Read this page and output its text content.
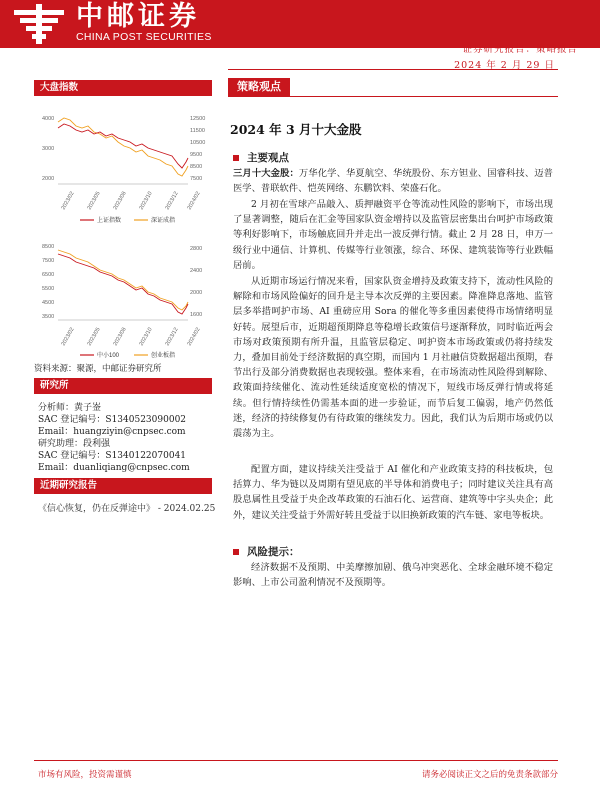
中邮证券
CHINA POST SECURITIES
证券研究报告：策略报告
2024 年 2 月 29 日
大盘指数
4000
3000
2000
12500
11500
10500
9500
8500
7500
2023/02 2023/05 2023/08 2023/10 2023/12 2024/02
上证指数	深证成指
8500
7500
6500
5500
4500
3500
2800
2400
2000
1600
2023/02 2023/05 2023/08 2023/10 2023/12 2024/02
中小100	创业板指
资料来源：聚源，中邮证券研究所
研究所
分析师：黄子崟
SAC 登记编号：S1340523090002
Email：huangziyin@cnpsec.com
研究助理：段利强
SAC 登记编号：S1340122070041
Email：duanliqiang@cnpsec.com
近期研究报告
《信心恢复，仍在反弹途中》 - 2024.02.25
策略观点
2024 年 3 月十大金股
主要观点
三月十大金股：万华化学、华夏航空、华统股份、东方钽业、国睿科技、迈普医学、普联软件、恺英网络、东鹏饮料、荣盛石化。
2 月初在雪球产品敲入、质押融资平仓等流动性风险的影响下，市场出现了显著调整，随后在汇金等国家队资金增持以及监管层密集出台呵护市场政策等利好影响下，市场触底回升并走出一波反弹行情。截止 2 月 28 日，申万一级行业中通信、计算机、传媒等行业领涨，综合、环保、建筑装饰等行业跌幅居前。
从近期市场运行情况来看，国家队资金增持及政策支持下，流动性风险的解除和市场风险偏好的回升是主导本次反弹的主要因素。降准降息落地、监管层多举措呵护市场、AI 重磅应用 Sora 的催化等多重因素使得市场情绪明显好转。展望后市，近期超预期降息等稳增长政策信号逐渐释放，同时临近两会市场对政策预期有所升温，且监管层稳定、呵护资本市场政策或仍将持续发力，叠加目前处于经济数据的真空期，而国内 1 月社融信贷数据超出预期，春节出行及部分消费数据也表现较强。整体来看，在市场流动性风险得到解除、政策面持续催化、流动性延续适度宽松的情况下，短线市场反弹行情或将延续。但行情持续性仍需基本面的进一步验证，而节后复工偏弱，地产仍然低迷，经济的持续修复仍有待政策的继续发力。因此，我们认为后期市场或仍以震荡为主。
配置方面，建议持续关注受益于 AI 催化和产业政策支持的科技板块，包括算力、华为链以及周期有望见底的半导体和消费电子；同时建议关注具有高股息属性且受益于央企改革政策的石油石化、运营商、建筑等中字头央企；此外，建议关注受益于外需好转且受益于以旧换新政策的汽车链、家电等板块。
风险提示：
经济数据不及预期、中美摩擦加剧、俄乌冲突恶化、全球金融环境不稳定影响、上市公司盈利情况不及预期等。
市场有风险，投资需谨慎	请务必阅读正文之后的免责条款部分
